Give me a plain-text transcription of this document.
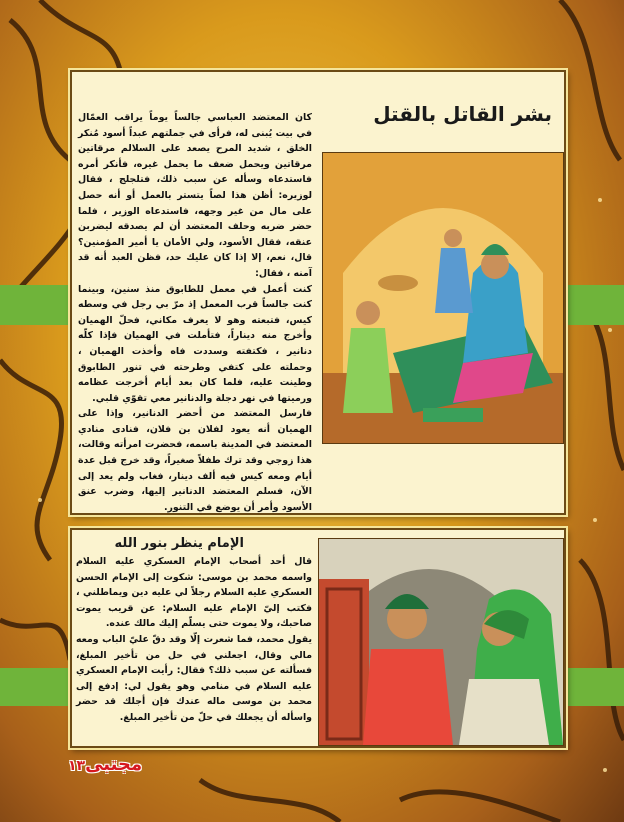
بشر القاتل بالقتل

كان المعتضد العباسي جالساً يوماً يراقب العمّال في بيت يُبنى له، فرأى في جملتهم عبداً أسود مُنكر الخلق ، شديد المرح يصعد على السلالم مرقاتين مرقاتين ويحمل ضعف ما يحمل غيره، فأنكر أمره فاستدعاه وسأله عن سبب ذلك، فتلجلج ، فقال لوزيره: أظن هذا لصاً يتستر بالعمل أو أنه حصل على مال من غير وجهه، فاستدعاه الوزير ، فلما حضر ضربه وحلف المعتضد أن لم يصدقه ليضربن عنقه، فقال الأسود، ولي الأمان يا أمير المؤمنين؟ قال، نعم، إلا إذا كان عليك حد، فظن العبد أنه قد آمنه ، فقال:

كنت أعمل في معمل للطابوق منذ سنين، وبينما كنت جالساً قرب المعمل إذ مرّ بي رجل في وسطه كيس، فتبعته وهو لا يعرف مكاني، فحلّ الهميان وأخرج منه ديناراً، فتأملت في الهميان فإذا كلّه دنانير ، فكتفته وسددت فاه وأخذت الهميان ، وحملته على كتفي وطرحته في تنور الطابوق وطينت عليه، فلما كان بعد أيام أخرجت عظامه ورميتها في نهر دجلة والدنانير معي تقوّي قلبي.

فارسل المعتضد من أحضر الدنانير، وإذا على الهميان أنه يعود لفلان بن فلان، فنادى منادي المعتضد في المدينة باسمه، فحضرت امرأته وقالت، هذا زوجي وقد ترك طفلاً صغيراً، وقد خرج قبل عدة أيام ومعه كيس فيه ألف دينار، فغاب ولم يعد إلى الآن، فسلم المعتضد الدنانير إليها، وضرب عنق الأسود وأمر أن يوضع في التنور.

الإمام ينظر بنور الله

قال أحد أصحاب الإمام العسكري عليه السلام واسمه محمد بن موسى: شكوت إلى الإمام الحسن العسكري عليه السلام رجلاً لي عليه دين ويماطلني ، فكتب إليّ الإمام عليه السلام: عن قريب يموت صاحبك، ولا يموت حتى يسلّم إليك مالك عنده.

يقول محمد، فما شعرت إلّا وقد دقّ عليّ الباب ومعه مالي وقال، اجعلني في حل من تأخير المبلغ، فسألته عن سبب ذلك؟ فقال: رأيت الإمام العسكري عليه السلام في منامي وهو يقول لي: إدفع إلى محمد بن موسى ماله عندك فإن أجلك قد حضر واسأله أن يجعلك في حلّ من تأخير المبلغ.

مجتبى١٣
